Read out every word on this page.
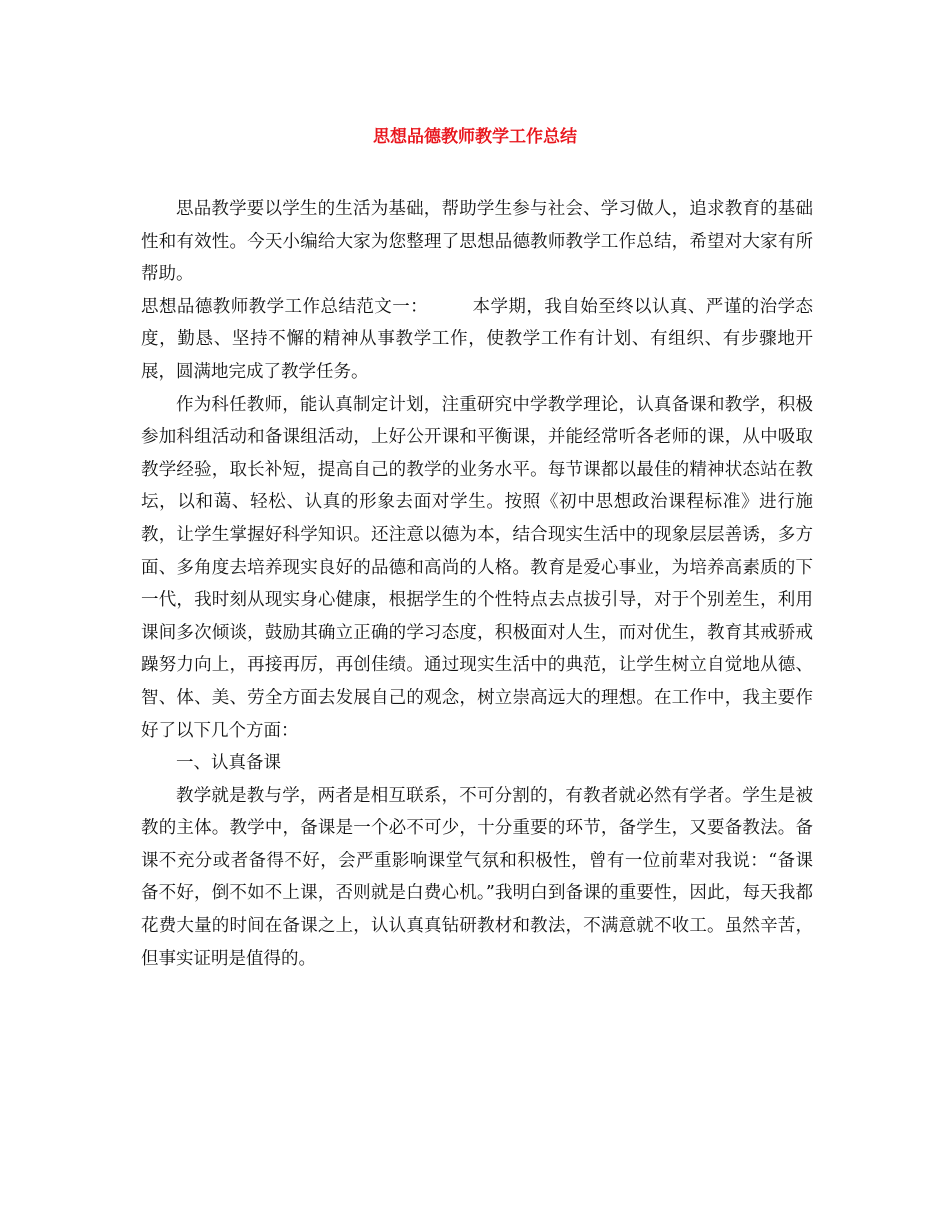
思想品德教师教学工作总结

思品教学要以学生的生活为基础，帮助学生参与社会、学习做人，追求教育的基础性和有效性。今天小编给大家为您整理了思想品德教师教学工作总结，希望对大家有所帮助。

思想品德教师教学工作总结范文一：	本学期，我自始至终以认真、严谨的治学态度，勤恳、坚持不懈的精神从事教学工作，使教学工作有计划、有组织、有步骤地开展，圆满地完成了教学任务。

作为科任教师，能认真制定计划，注重研究中学教学理论，认真备课和教学，积极参加科组活动和备课组活动，上好公开课和平衡课，并能经常听各老师的课，从中吸取教学经验，取长补短，提高自己的教学的业务水平。每节课都以最佳的精神状态站在教坛，以和蔼、轻松、认真的形象去面对学生。按照《初中思想政治课程标准》进行施教，让学生掌握好科学知识。还注意以德为本，结合现实生活中的现象层层善诱，多方面、多角度去培养现实良好的品德和高尚的人格。教育是爱心事业，为培养高素质的下一代，我时刻从现实身心健康，根据学生的个性特点去点拔引导，对于个别差生，利用课间多次倾谈，鼓励其确立正确的学习态度，积极面对人生，而对优生，教育其戒骄戒躁努力向上，再接再厉，再创佳绩。通过现实生活中的典范，让学生树立自觉地从德、智、体、美、劳全方面去发展自己的观念，树立崇高远大的理想。在工作中，我主要作好了以下几个方面：

一、认真备课

教学就是教与学，两者是相互联系，不可分割的，有教者就必然有学者。学生是被教的主体。教学中，备课是一个必不可少，十分重要的环节，备学生，又要备教法。备课不充分或者备得不好，会严重影响课堂气氛和积极性，曾有一位前辈对我说：“备课备不好，倒不如不上课，否则就是白费心机。”我明白到备课的重要性，因此，每天我都花费大量的时间在备课之上，认认真真钻研教材和教法，不满意就不收工。虽然辛苦，但事实证明是值得的。
